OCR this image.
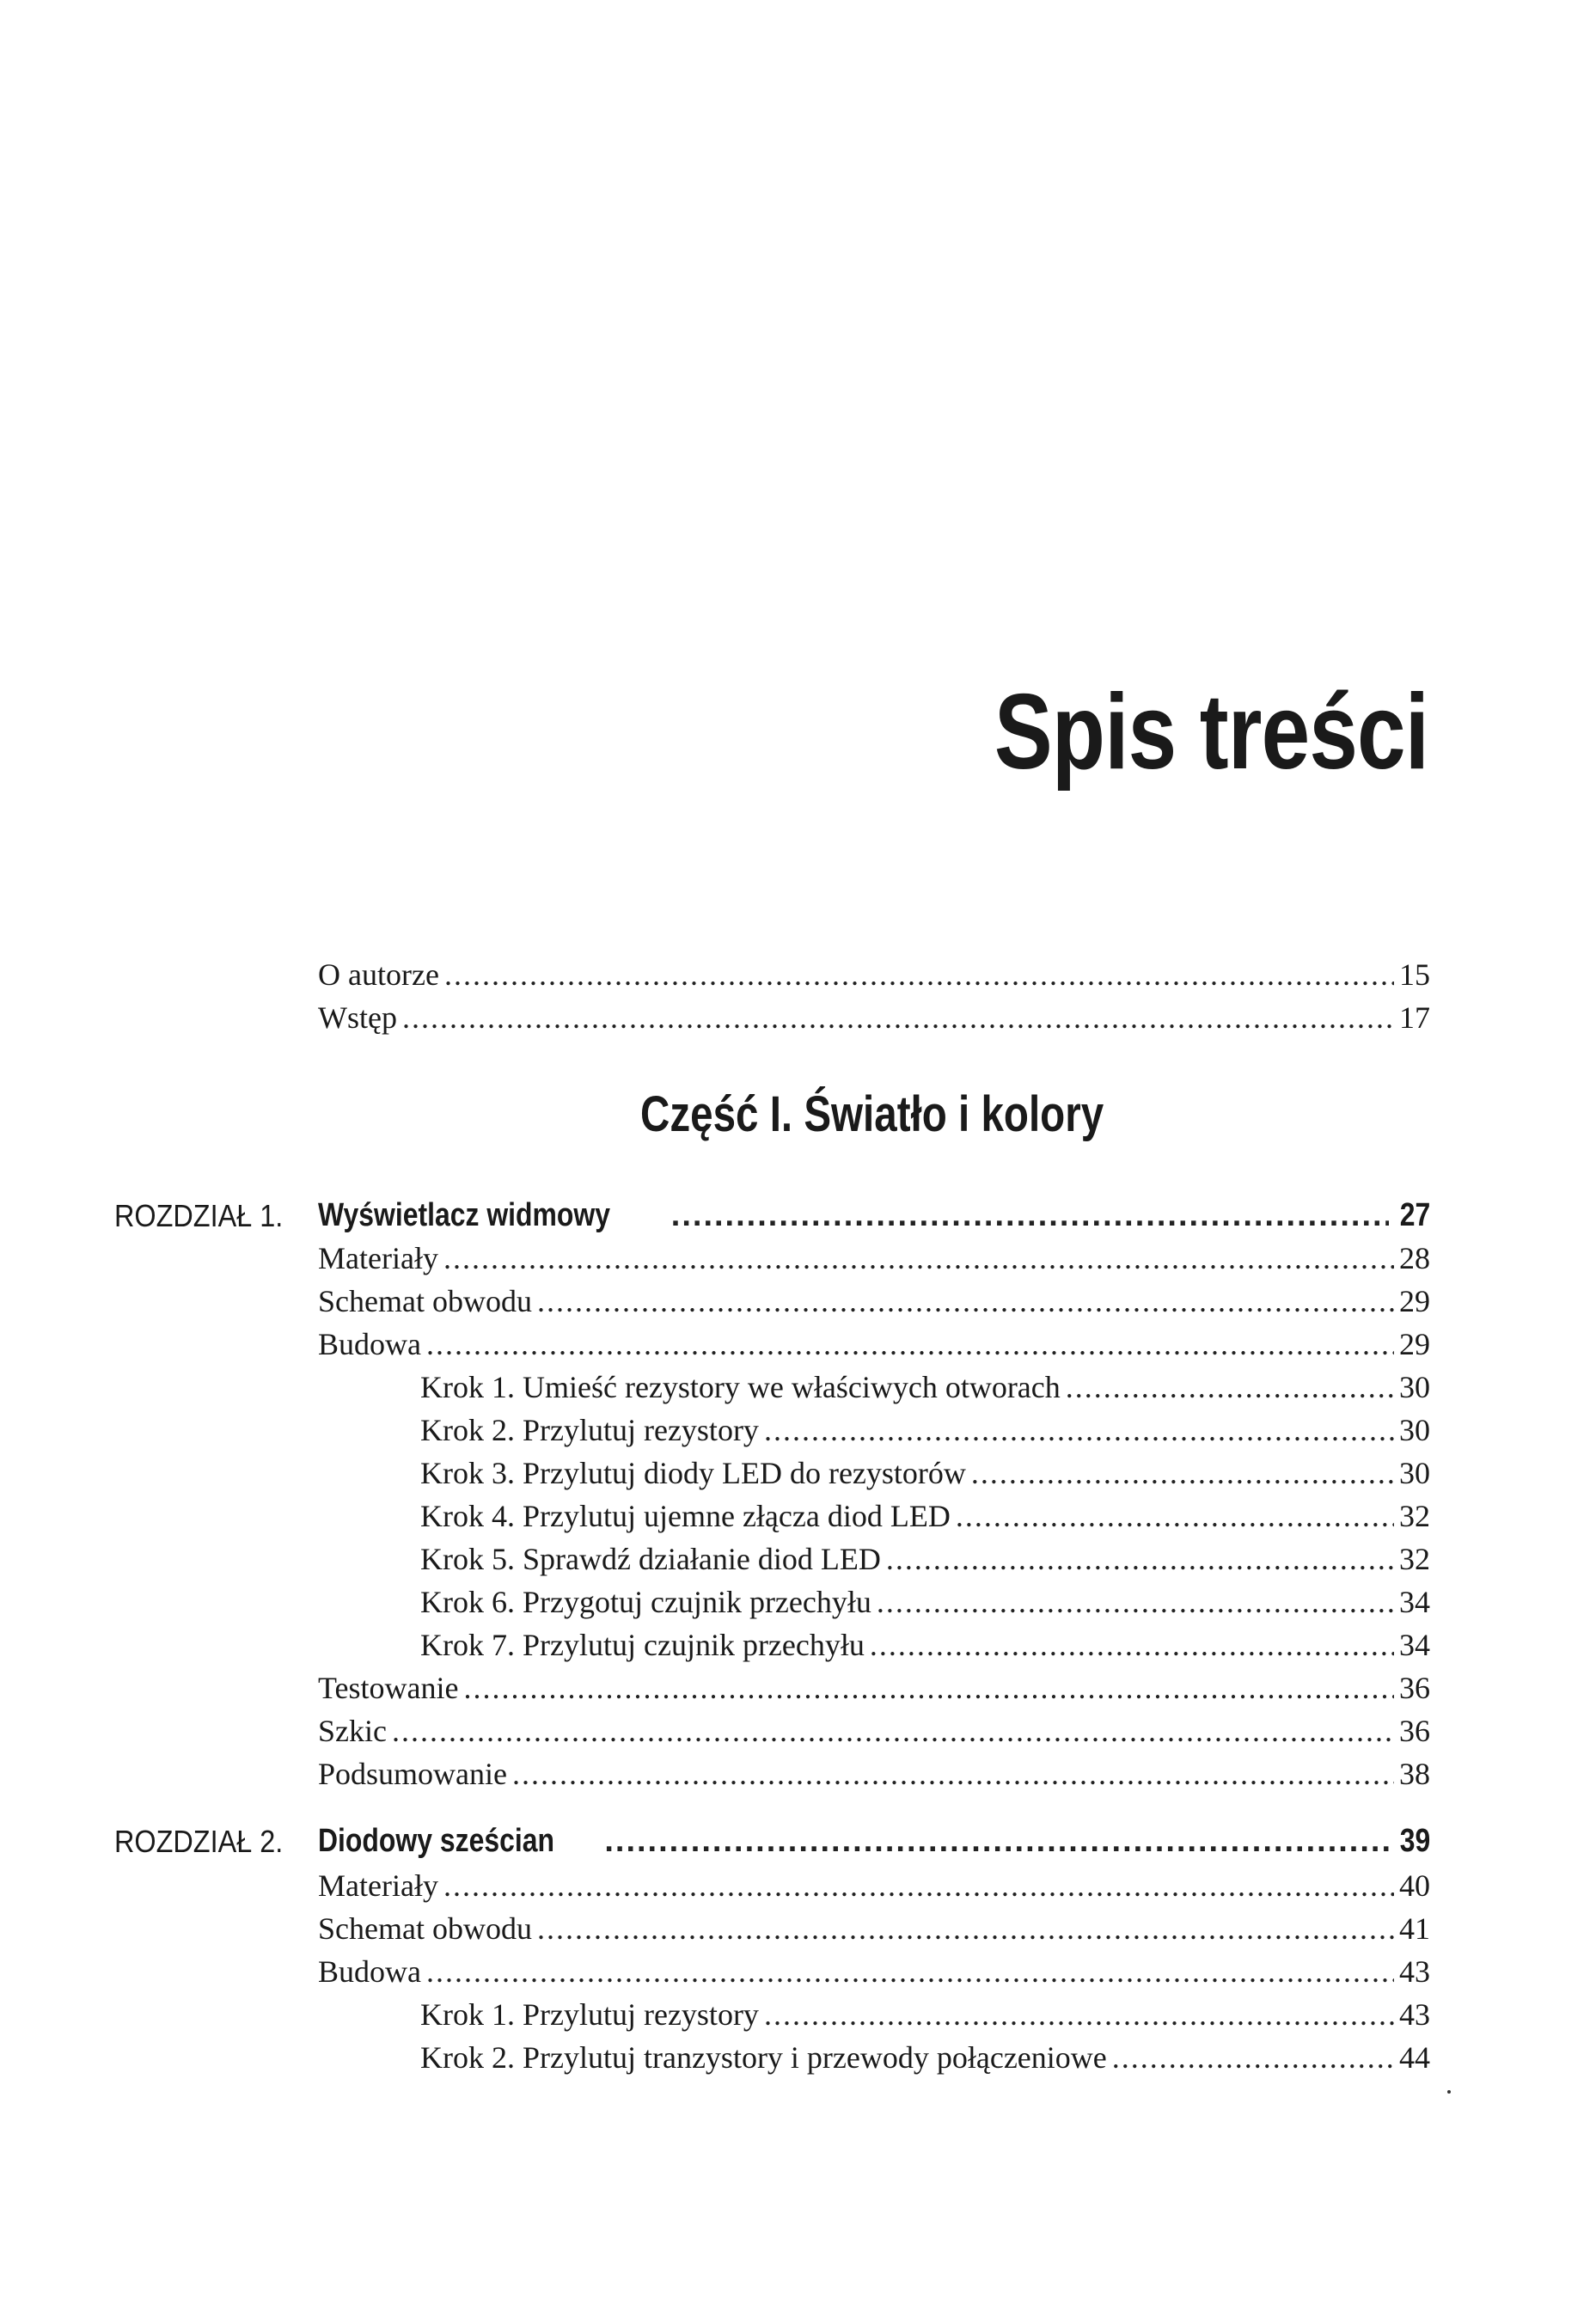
Spis treści
O autorze .....	15
Wstęp .....	17
Część I. Światło i kolory
ROZDZIAŁ 1. Wyświetlacz widmowy .....	27
Materiały .....	28
Schemat obwodu .....	29
Budowa .....	29
Krok 1. Umieść rezystory we właściwych otworach .....	30
Krok 2. Przylutuj rezystory .....	30
Krok 3. Przylutuj diody LED do rezystorów .....	30
Krok 4. Przylutuj ujemne złącza diod LED .....	32
Krok 5. Sprawdź działanie diod LED .....	32
Krok 6. Przygotuj czujnik przechyłu .....	34
Krok 7. Przylutuj czujnik przechyłu .....	34
Testowanie .....	36
Szkic .....	36
Podsumowanie .....	38
ROZDZIAŁ 2. Diodowy sześcian .....	39
Materiały .....	40
Schemat obwodu .....	41
Budowa .....	43
Krok 1. Przylutuj rezystory .....	43
Krok 2. Przylutuj tranzystory i przewody połączeniowe .....	44
